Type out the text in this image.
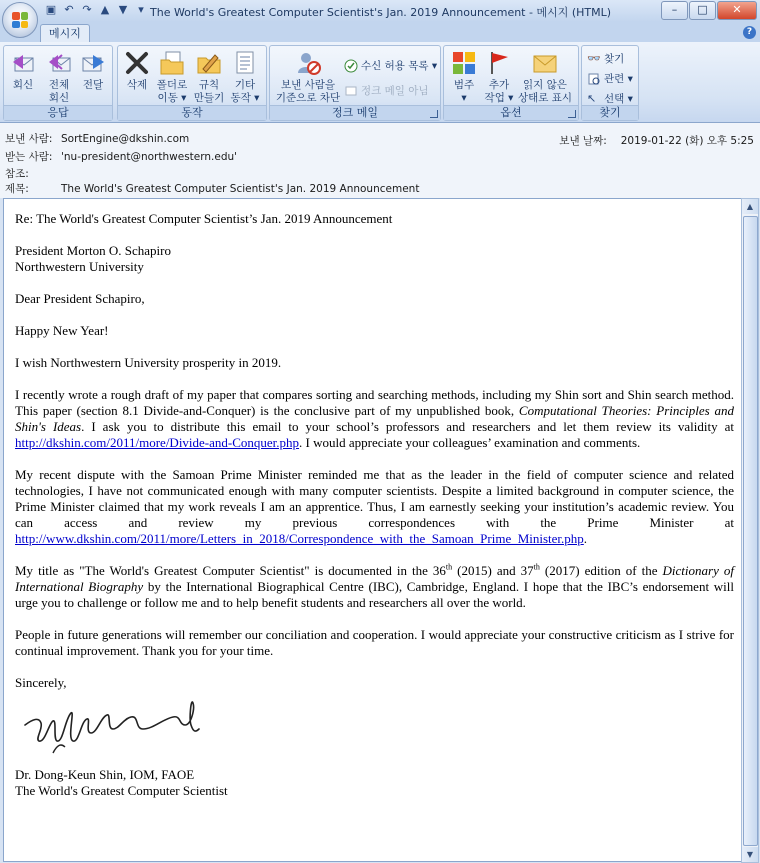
▣ ↶ ↷ ▲ ▼	▾ The World's Greatest Computer Scientist's Jan. 2019 Announcement - 메시지 (HTML)	–	□	✕
메시지	?
회신	전체
회신
전달
응답
삭제 폴더로
이동 ▾
규칙
만들기
기타
동작 ▾
동작
보낸 사람을
기준으로 차단
수신 허용 목록 ▾
정크 메일 아님
정크 메일
범주
▾
추가
작업 ▾
읽지 않은
상태로 표시
옵션
👓 찾기
관련 ▾
↖ 선택 ▾
찾기
보낸 사람: SortEngine@dkshin.com
받는 사람: 'nu-president@northwestern.edu'
참조:
제목:	The World's Greatest Computer Scientist's Jan. 2019 Announcement
보낸 날짜: 2019-01-22 (화) 오후 5:25

Re: The World's Greatest Computer Scientist’s Jan. 2019 Announcement

President Morton O. Schapiro
Northwestern University

Dear President Schapiro,

Happy New Year!

I wish Northwestern University prosperity in 2019.

I recently wrote a rough draft of my paper that compares sorting and searching methods, including my Shin sort and Shin search method. This paper (section 8.1 Divide-and-Conquer) is the conclusive part of my unpublished book, Computational Theories: Principles and Shin's Ideas. I ask you to distribute this email to your school’s professors and researchers and let them review its validity at http://dkshin.com/2011/more/Divide-and-Conquer.php. I would appreciate your colleagues’ examination and comments.

My recent dispute with the Samoan Prime Minister reminded me that as the leader in the field of computer science and related technologies, I have not communicated enough with many computer scientists. Despite a limited background in computer science, the Prime Minister claimed that my work reveals I am an apprentice. Thus, I am earnestly seeking your institution’s academic review. You can access and review my previous correspondences with the Prime Minister at http://www.dkshin.com/2011/more/Letters_in_2018/Correspondence_with_the_Samoan_Prime_Minister.php.

My title as "The World's Greatest Computer Scientist" is documented in the 36th (2015) and 37th (2017) edition of the Dictionary of International Biography by the International Biographical Centre (IBC), Cambridge, England. I hope that the IBC’s endorsement will urge you to challenge or follow me and to help benefit students and researchers all over the world.

People in future generations will remember our conciliation and cooperation. I would appreciate your constructive criticism as I strive for continual improvement. Thank you for your time.

Sincerely,

Dr. Dong-Keun Shin, IOM, FAOE
The World's Greatest Computer Scientist

▲
▼
